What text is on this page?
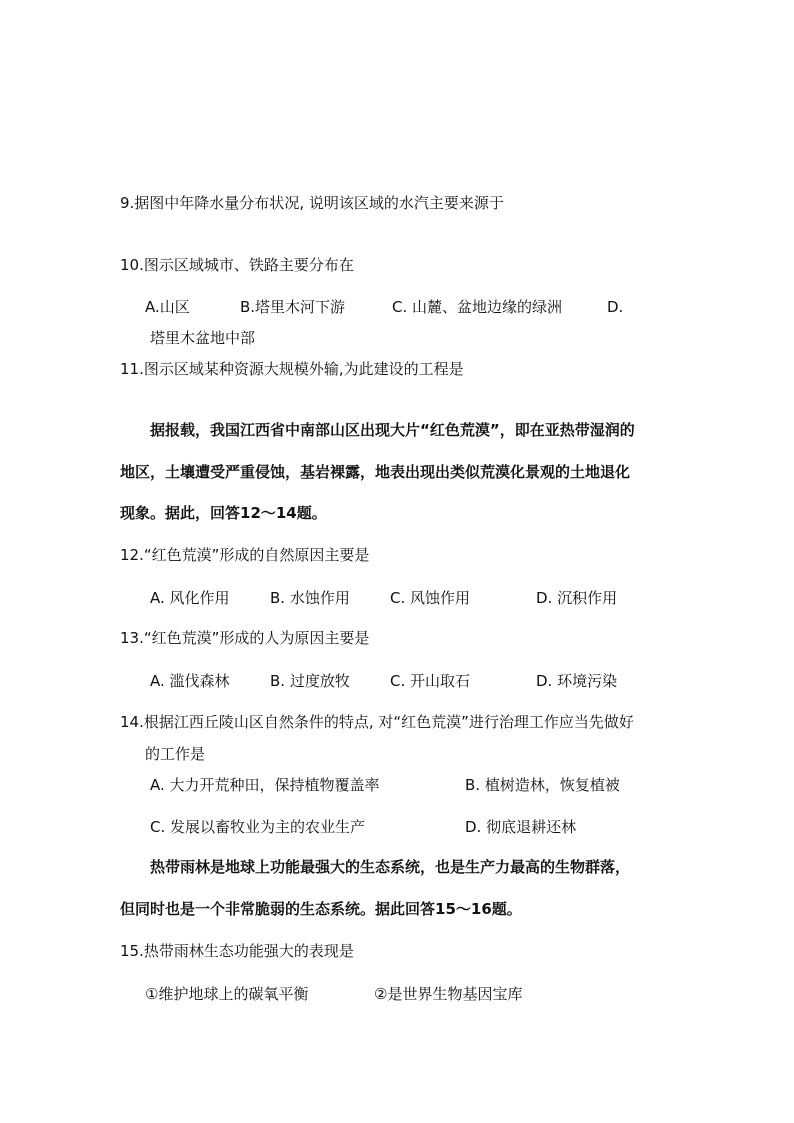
9.据图中年降水量分布状况, 说明该区域的水汽主要来源于
10.图示区域城市、铁路主要分布在
A.山区	B.塔里木河下游	C. 山麓、盆地边缘的绿洲	D.
塔里木盆地中部
11.图示区域某种资源大规模外输,为此建设的工程是
据报载，我国江西省中南部山区出现大片“红色荒漠”，即在亚热带湿润的
地区，土壤遭受严重侵蚀，基岩裸露，地表出现出类似荒漠化景观的土地退化
现象。据此，回答12～14题。
12.“红色荒漠”形成的自然原因主要是
A. 风化作用	B. 水蚀作用	C. 风蚀作用	D. 沉积作用
13.“红色荒漠”形成的人为原因主要是
A. 滥伐森林	B. 过度放牧	C. 开山取石	D. 环境污染
14.根据江西丘陵山区自然条件的特点, 对“红色荒漠”进行治理工作应当先做好
的工作是
A. 大力开荒种田，保持植物覆盖率	B. 植树造林，恢复植被
C. 发展以畜牧业为主的农业生产	D. 彻底退耕还林
热带雨林是地球上功能最强大的生态系统，也是生产力最高的生物群落，
但同时也是一个非常脆弱的生态系统。据此回答15～16题。
15.热带雨林生态功能强大的表现是
①维护地球上的碳氧平衡	②是世界生物基因宝库
